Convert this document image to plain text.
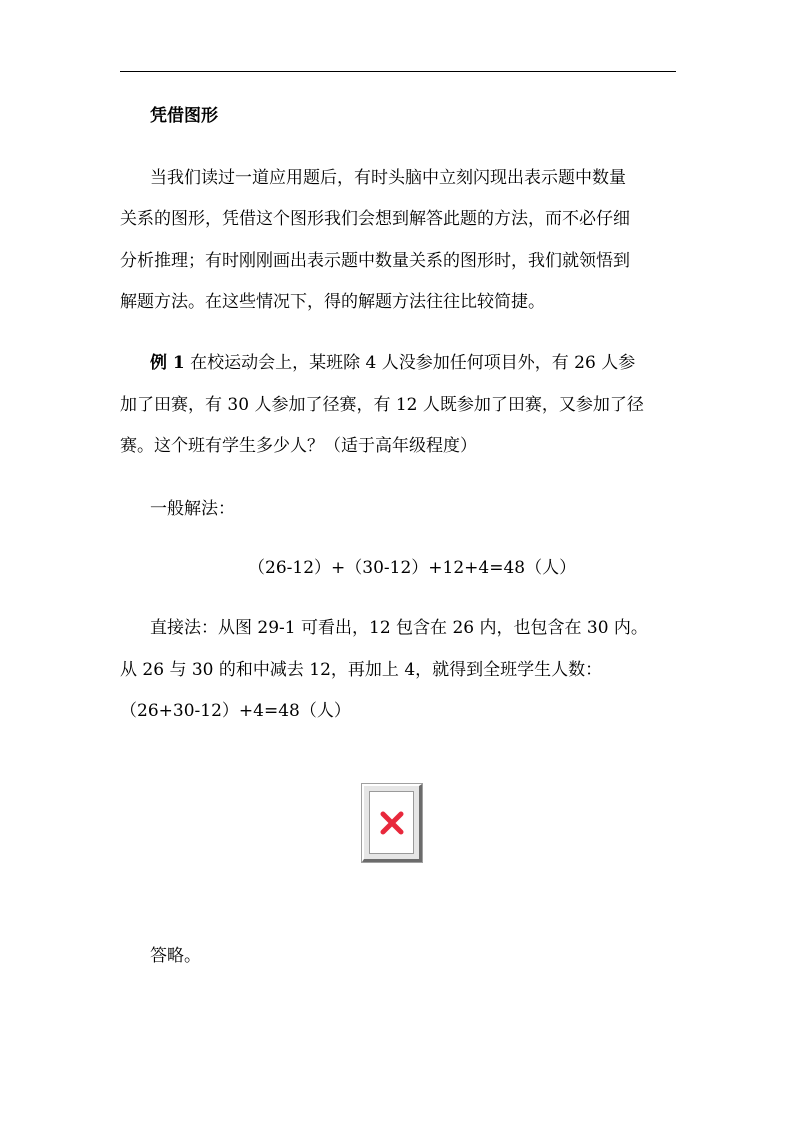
凭借图形
当我们读过一道应用题后，有时头脑中立刻闪现出表示题中数量
关系的图形，凭借这个图形我们会想到解答此题的方法，而不必仔细
分析推理；有时刚刚画出表示题中数量关系的图形时，我们就领悟到
解题方法。在这些情况下，得的解题方法往往比较简捷。
例 1 在校运动会上，某班除 4 人没参加任何项目外，有 26 人参
加了田赛，有 30 人参加了径赛，有 12 人既参加了田赛，又参加了径
赛。这个班有学生多少人？（适于高年级程度）
一般解法：
（26-12）+（30-12）+12+4=48（人）
直接法：从图 29-1 可看出，12 包含在 26 内，也包含在 30 内。
从 26 与 30 的和中减去 12，再加上 4，就得到全班学生人数：
（26+30-12）+4=48（人）
答略。
